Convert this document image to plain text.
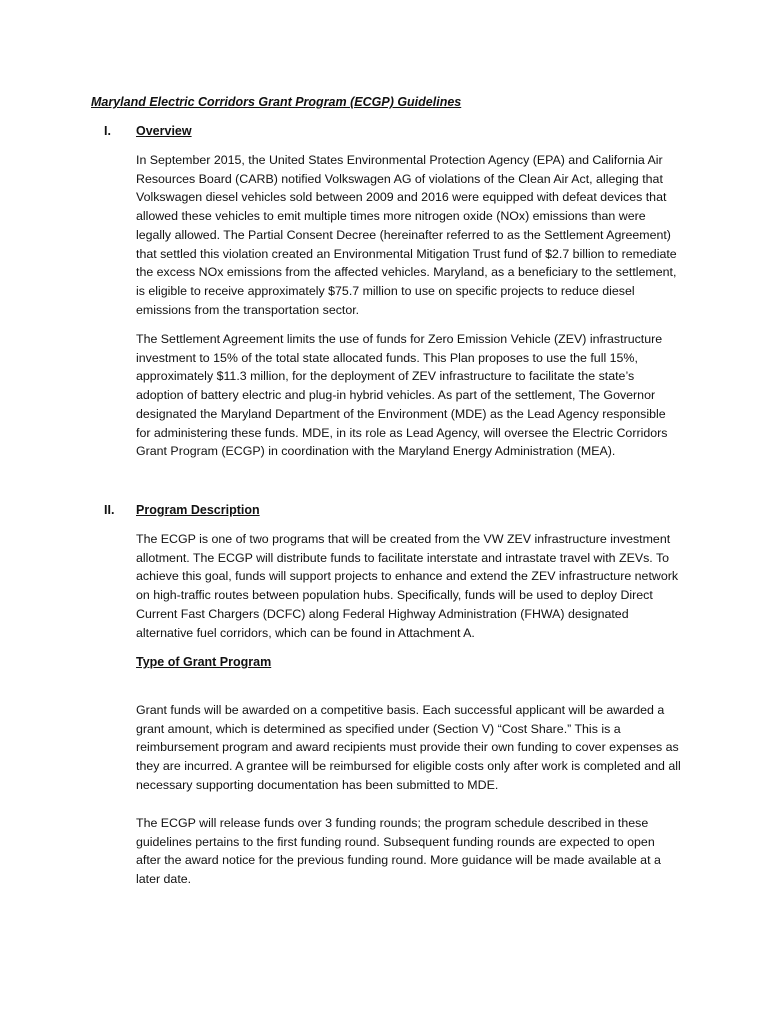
Maryland Electric Corridors Grant Program (ECGP) Guidelines
I. Overview

In September 2015, the United States Environmental Protection Agency (EPA) and California Air Resources Board (CARB) notified Volkswagen AG of violations of the Clean Air Act, alleging that Volkswagen diesel vehicles sold between 2009 and 2016 were equipped with defeat devices that allowed these vehicles to emit multiple times more nitrogen oxide (NOx) emissions than were legally allowed. The Partial Consent Decree (hereinafter referred to as the Settlement Agreement) that settled this violation created an Environmental Mitigation Trust fund of $2.7 billion to remediate the excess NOx emissions from the affected vehicles. Maryland, as a beneficiary to the settlement, is eligible to receive approximately $75.7 million to use on specific projects to reduce diesel emissions from the transportation sector.

The Settlement Agreement limits the use of funds for Zero Emission Vehicle (ZEV) infrastructure investment to 15% of the total state allocated funds. This Plan proposes to use the full 15%, approximately $11.3 million, for the deployment of ZEV infrastructure to facilitate the state’s adoption of battery electric and plug-in hybrid vehicles. As part of the settlement, The Governor designated the Maryland Department of the Environment (MDE) as the Lead Agency responsible for administering these funds. MDE, in its role as Lead Agency, will oversee the Electric Corridors Grant Program (ECGP) in coordination with the Maryland Energy Administration (MEA).

II. Program Description

The ECGP is one of two programs that will be created from the VW ZEV infrastructure investment allotment. The ECGP will distribute funds to facilitate interstate and intrastate travel with ZEVs. To achieve this goal, funds will support projects to enhance and extend the ZEV infrastructure network on high-traffic routes between population hubs. Specifically, funds will be used to deploy Direct Current Fast Chargers (DCFC) along Federal Highway Administration (FHWA) designated alternative fuel corridors, which can be found in Attachment A.

Type of Grant Program

Grant funds will be awarded on a competitive basis. Each successful applicant will be awarded a grant amount, which is determined as specified under (Section V) “Cost Share.” This is a reimbursement program and award recipients must provide their own funding to cover expenses as they are incurred. A grantee will be reimbursed for eligible costs only after work is completed and all necessary supporting documentation has been submitted to MDE.

The ECGP will release funds over 3 funding rounds; the program schedule described in these guidelines pertains to the first funding round. Subsequent funding rounds are expected to open after the award notice for the previous funding round. More guidance will be made available at a later date.
